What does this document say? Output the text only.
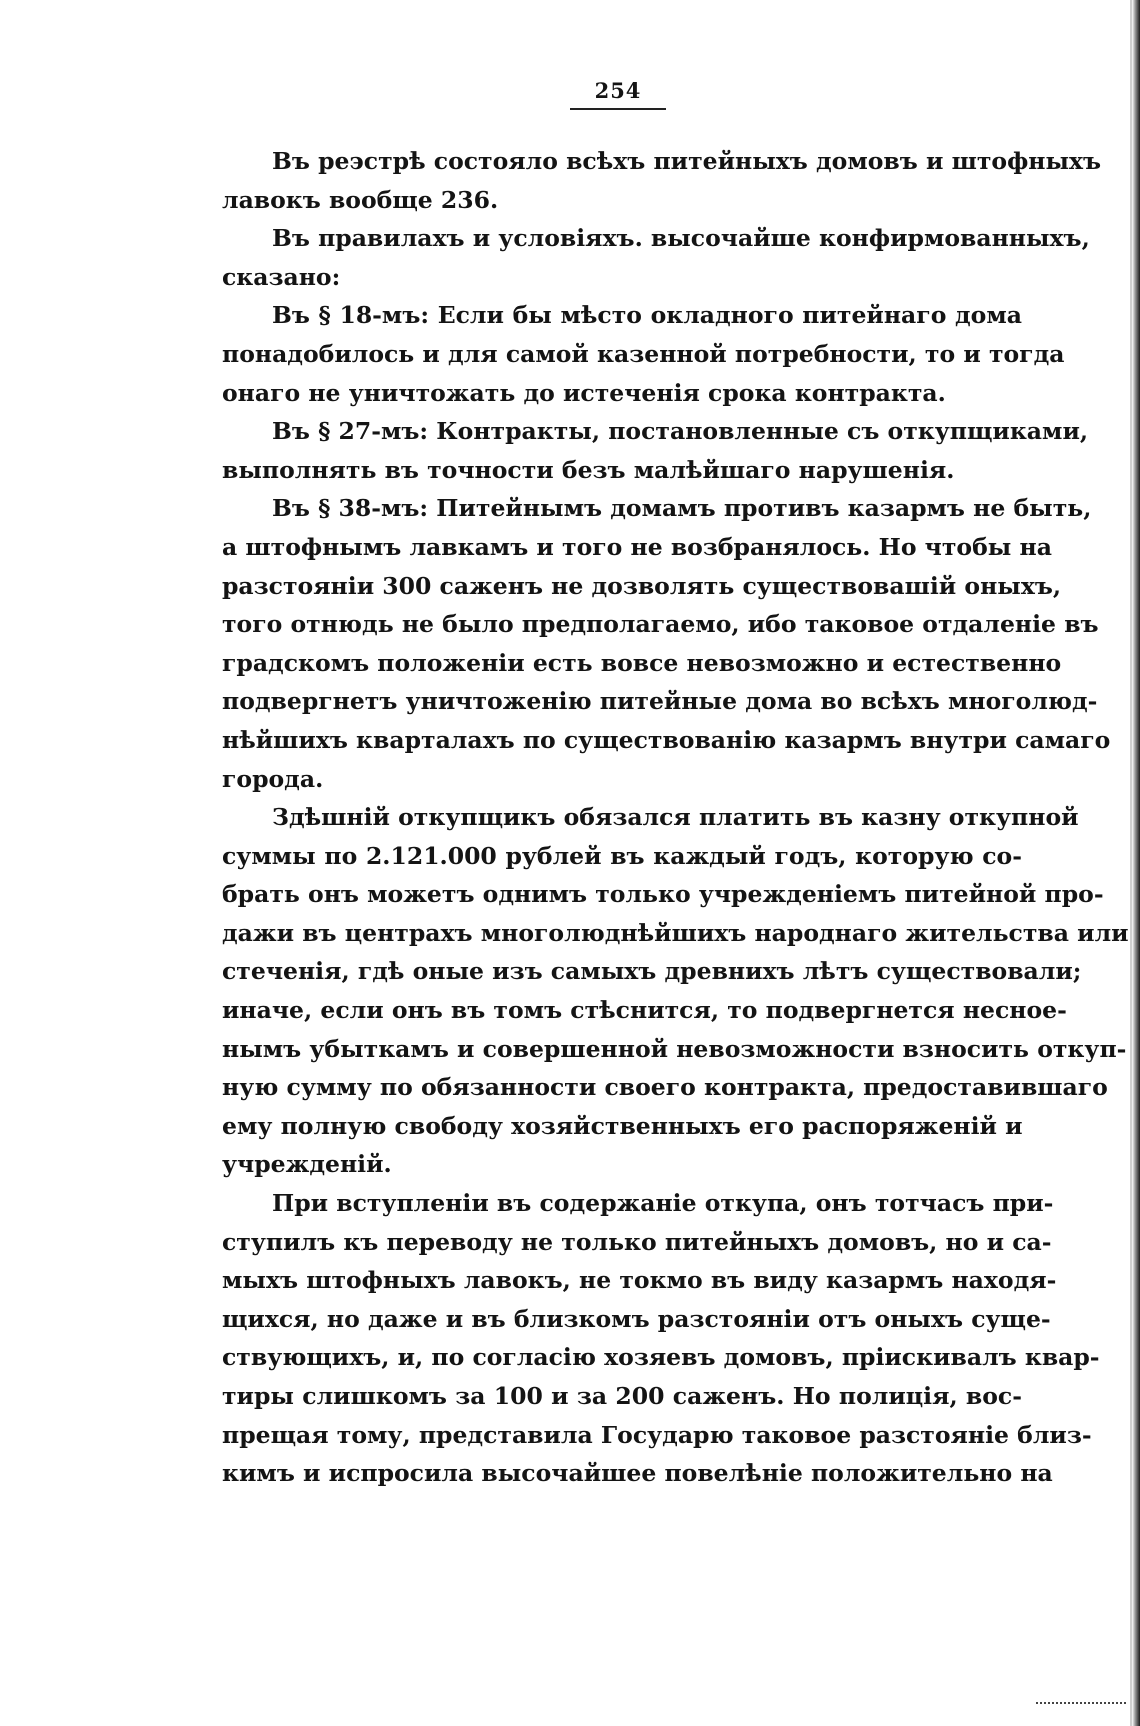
254

Въ реэстрѣ состояло всѣхъ питейныхъ домовъ и штофныхъ
лавокъ вообще 236.

Въ правилахъ и условіяхъ. высочайше конфирмованныхъ,
сказано:

Въ § 18-мъ: Если бы мѣсто окладного питейнаго дома
понадобилось и для самой казенной потребности, то и тогда
онаго не уничтожать до истеченія срока контракта.

Въ § 27-мъ: Контракты, постановленные съ откупщиками,
выполнять въ точности безъ малѣйшаго нарушенія.

Въ § 38-мъ: Питейнымъ домамъ противъ казармъ не быть,
а штофнымъ лавкамъ и того не возбранялось. Но чтобы на
разстояніи 300 саженъ не дозволять существовашій оныхъ,
того отнюдь не было предполагаемо, ибо таковое отдаленіе въ
градскомъ положеніи есть вовсе невозможно и естественно
подвергнетъ уничтоженію питейные дома во всѣхъ многолюд-
нѣйшихъ кварталахъ по существованію казармъ внутри самаго
города.

Здѣшній откупщикъ обязался платить въ казну откупной
суммы по 2.121.000 рублей въ каждый годъ, которую со-
брать онъ можетъ однимъ только учрежденіемъ питейной про-
дажи въ центрахъ многолюднѣйшихъ народнаго жительства или
стеченія, гдѣ оные изъ самыхъ древнихъ лѣтъ существовали;
иначе, если онъ въ томъ стѣснится, то подвергнется несное-
нымъ убыткамъ и совершенной невозможности взносить откуп-
ную сумму по обязанности своего контракта, предоставившаго
ему полную свободу хозяйственныхъ его распоряженій и
учрежденій.

При вступленіи въ содержаніе откупа, онъ тотчасъ при-
ступилъ къ переводу не только питейныхъ домовъ, но и са-
мыхъ штофныхъ лавокъ, не токмо въ виду казармъ находя-
щихся, но даже и въ близкомъ разстояніи отъ оныхъ суще-
ствующихъ, и, по согласію хозяевъ домовъ, пріискивалъ квар-
тиры слишкомъ за 100 и за 200 саженъ. Но полиція, вос-
прещая тому, представила Государю таковое разстояніе близ-
кимъ и испросила высочайшее повелѣніе положительно на
